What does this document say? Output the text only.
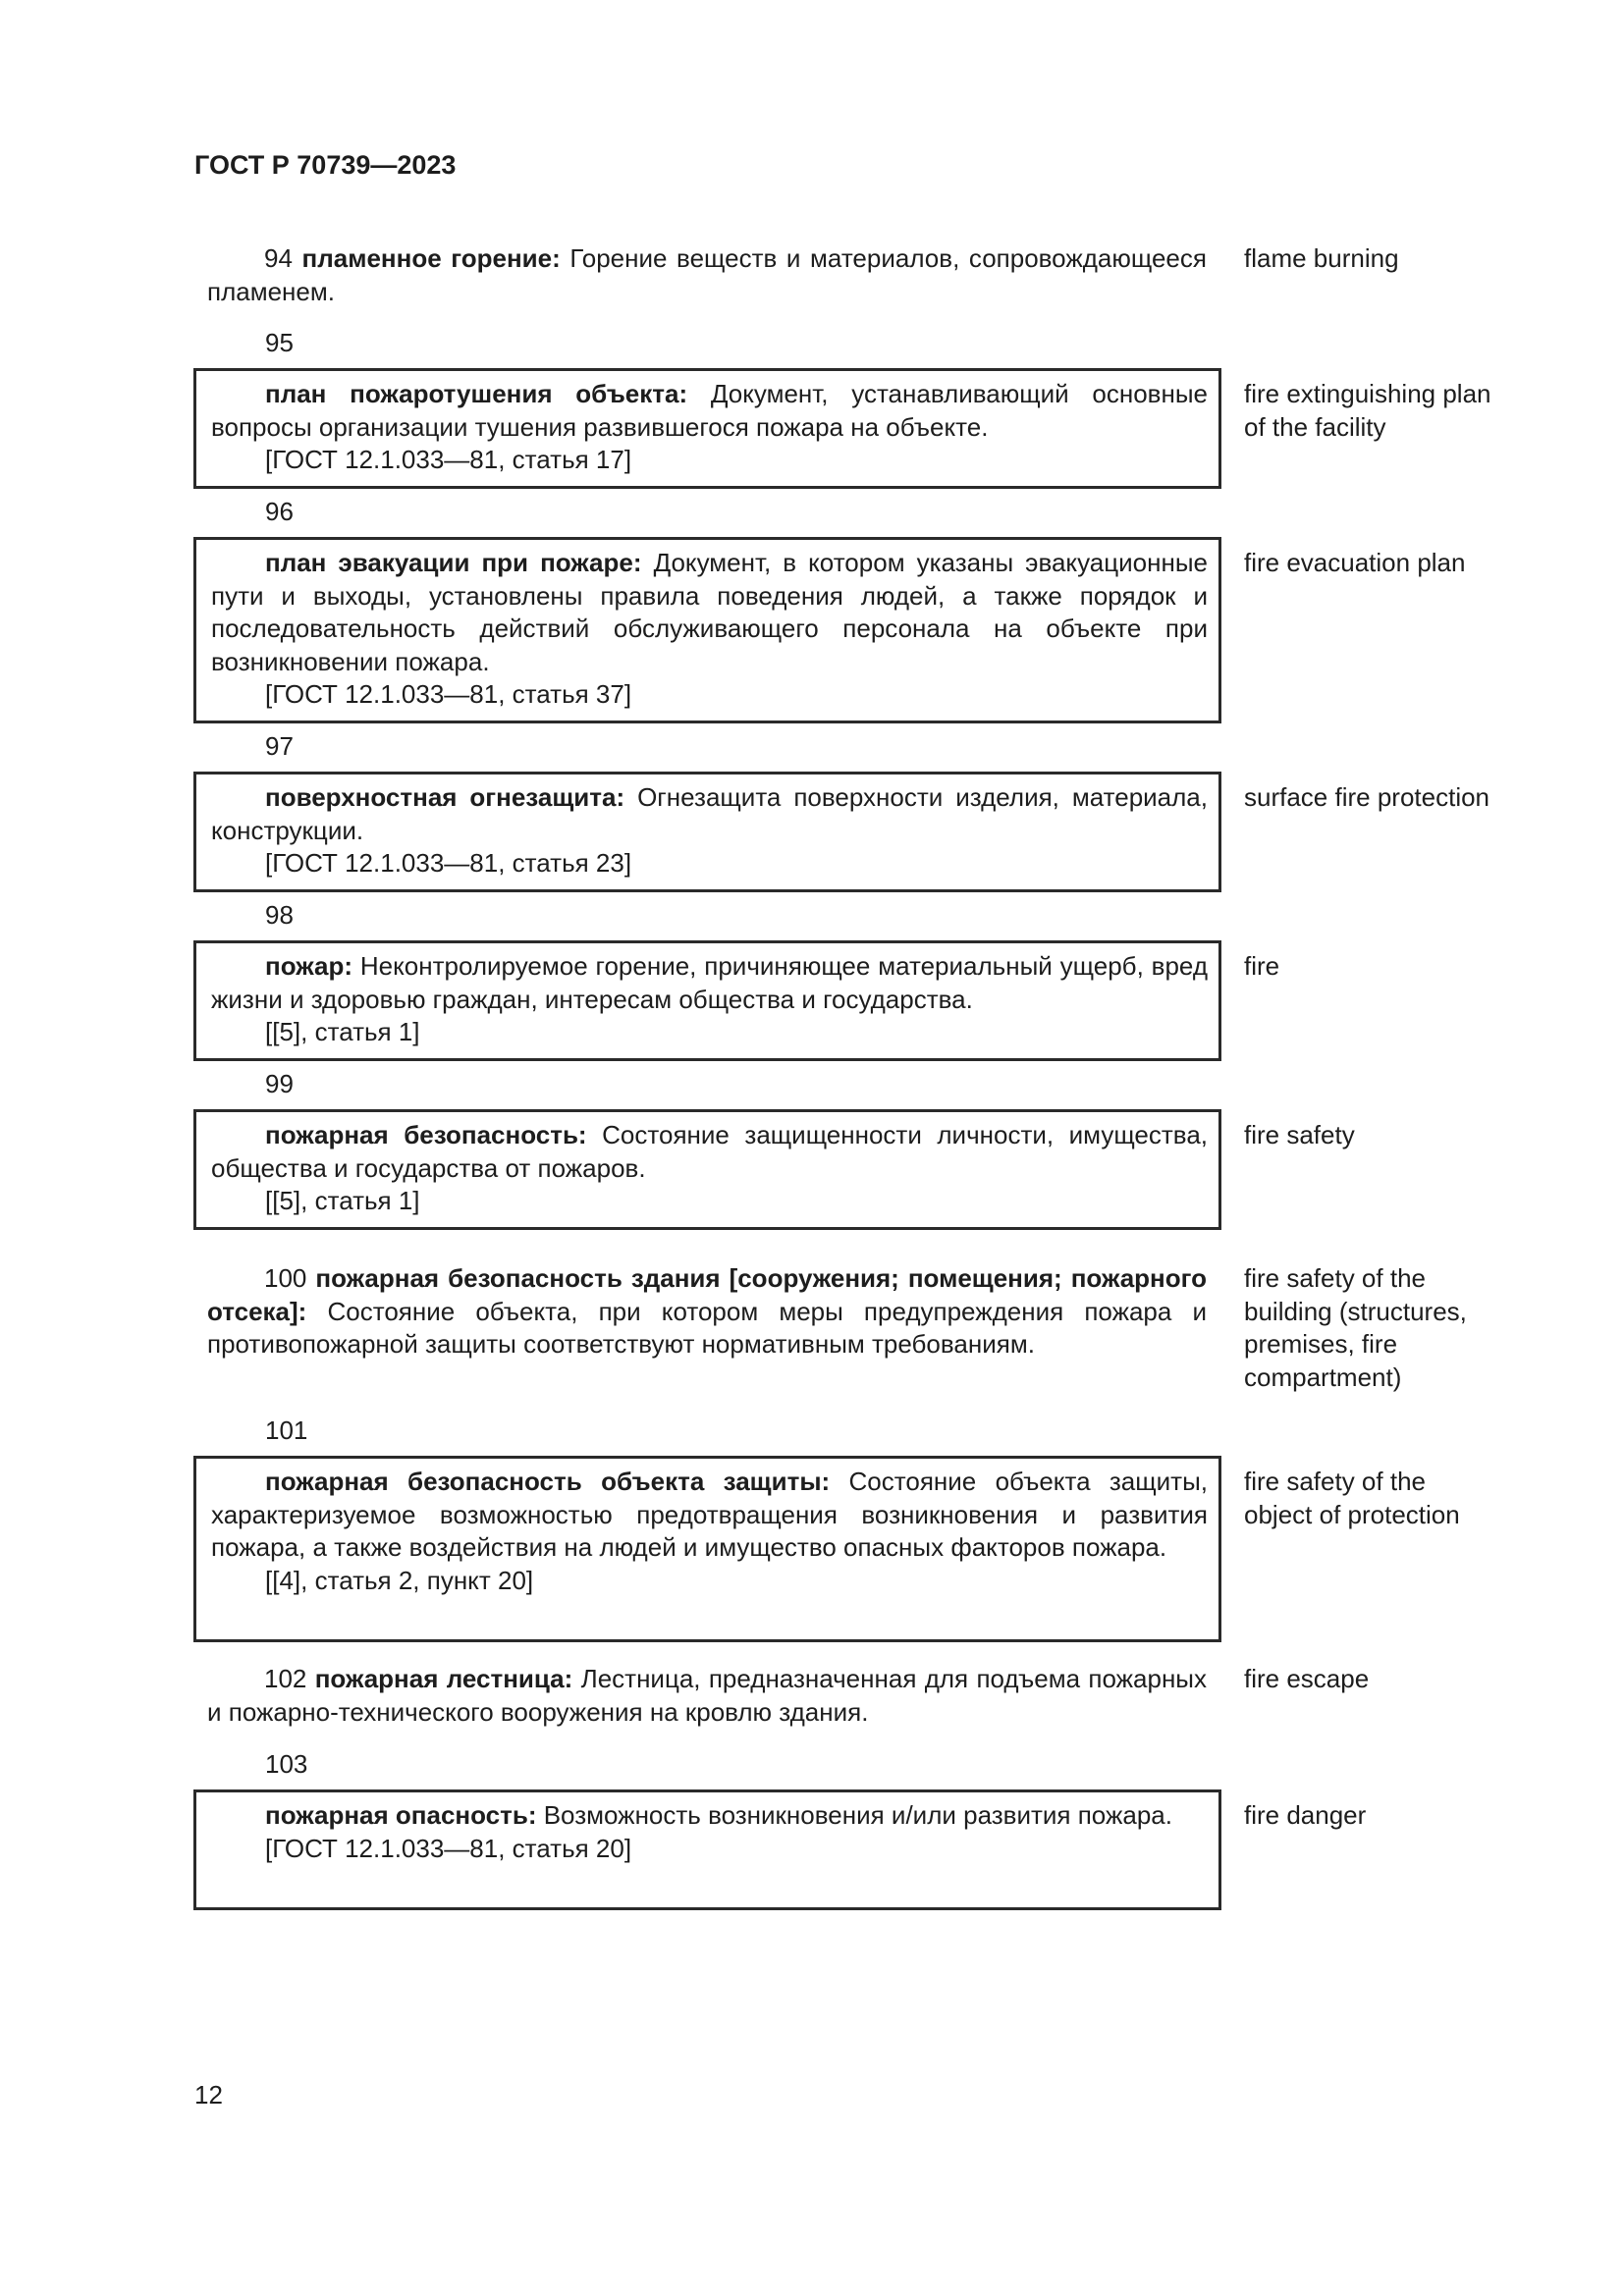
ГОСТ Р 70739—2023

94 пламенное горение: Горение веществ и материалов, сопровождающееся пламенем.

flame burning
95

план пожаротушения объекта: Документ, устанавливающий основные вопросы организации тушения развившегося пожара на объекте.

[ГОСТ 12.1.033—81, статья 17]

fire extinguishing plan of the facility
96

план эвакуации при пожаре: Документ, в котором указаны эвакуационные пути и выходы, установлены правила поведения людей, а также порядок и последовательность действий обслуживающего персонала на объекте при возникновении пожара.

[ГОСТ 12.1.033—81, статья 37]

fire evacuation plan
97

поверхностная огнезащита: Огнезащита поверхности изделия, материала, конструкции.

[ГОСТ 12.1.033—81, статья 23]

surface fire protection
98

пожар: Неконтролируемое горение, причиняющее материальный ущерб, вред жизни и здоровью граждан, интересам общества и государства.

[[5], статья 1]

fire
99

пожарная безопасность: Состояние защищенности личности, имущества, общества и государства от пожаров.

[[5], статья 1]

fire safety

100 пожарная безопасность здания [сооружения; помещения; пожарного отсека]: Состояние объекта, при котором меры предупреждения пожара и противопожарной защиты соответствуют нормативным требованиям.

fire safety of the building (structures, premises, fire compartment)
101

пожарная безопасность объекта защиты: Состояние объекта защиты, характеризуемое возможностью предотвращения возникновения и развития пожара, а также воздействия на людей и имущество опасных факторов пожара.

[[4], статья 2, пункт 20]

fire safety of the object of protection

102 пожарная лестница: Лестница, предназначенная для подъема пожарных и пожарно-технического вооружения на кровлю здания.

fire escape
103

пожарная опасность: Возможность возникновения и/или развития пожара.

[ГОСТ 12.1.033—81, статья 20]

fire danger
12
